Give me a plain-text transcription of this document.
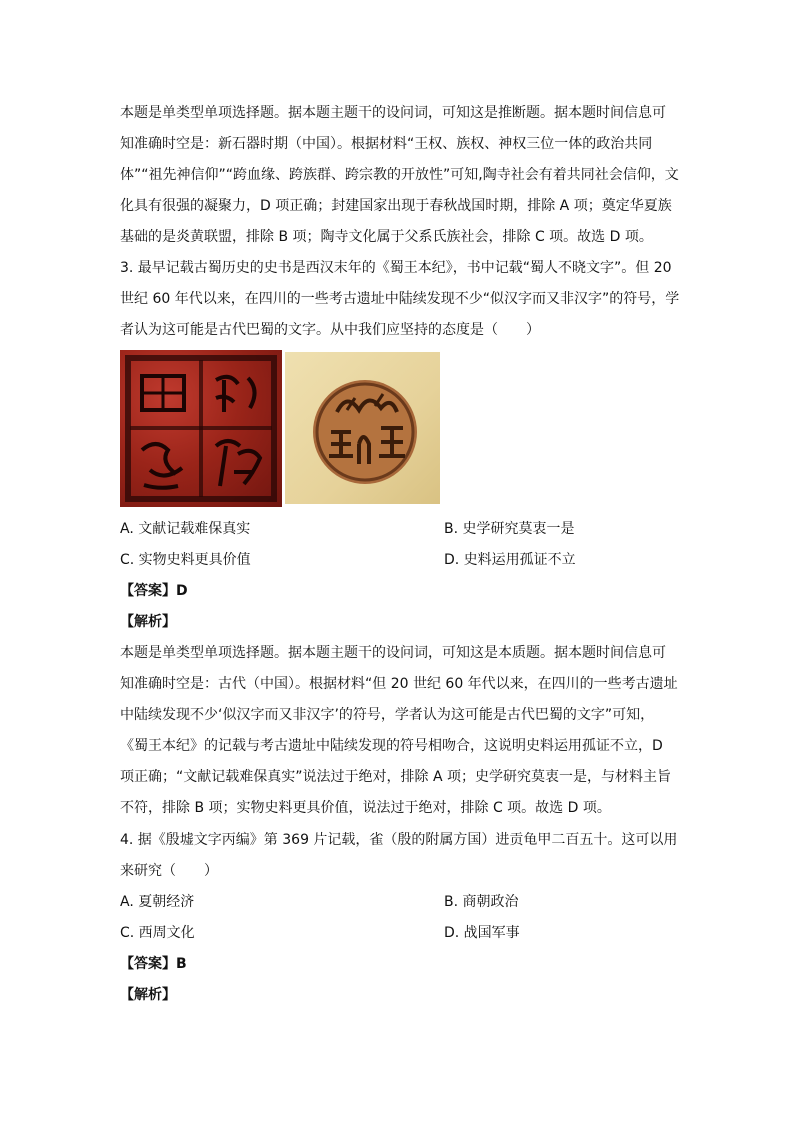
本题是单类型单项选择题。据本题主题干的设问词，可知这是推断题。据本题时间信息可
知准确时空是：新石器时期（中国）。根据材料“王权、族权、神权三位一体的政治共同
体”“祖先神信仰”“跨血缘、跨族群、跨宗教的开放性”可知,陶寺社会有着共同社会信仰，文
化具有很强的凝聚力，D 项正确；封建国家出现于春秋战国时期，排除 A 项；奠定华夏族
基础的是炎黄联盟，排除 B 项；陶寺文化属于父系氏族社会，排除 C 项。故选 D 项。

3. 最早记载古蜀历史的史书是西汉末年的《蜀王本纪》，书中记载“蜀人不晓文字”。但 20
世纪 60 年代以来，在四川的一些考古遗址中陆续发现不少“似汉字而又非汉字”的符号，学
者认为这可能是古代巴蜀的文字。从中我们应坚持的态度是（　　）

A. 文献记载难保真实	B. 史学研究莫衷一是
C. 实物史料更具价值	D. 史料运用孤证不立
【答案】D
【解析】

本题是单类型单项选择题。据本题主题干的设问词，可知这是本质题。据本题时间信息可
知准确时空是：古代（中国）。根据材料“但 20 世纪 60 年代以来，在四川的一些考古遗址
中陆续发现不少‘似汉字而又非汉字’的符号，学者认为这可能是古代巴蜀的文字”可知，
《蜀王本纪》的记载与考古遗址中陆续发现的符号相吻合，这说明史料运用孤证不立，D
项正确；“文献记载难保真实”说法过于绝对，排除 A 项；史学研究莫衷一是，与材料主旨
不符，排除 B 项；实物史料更具价值，说法过于绝对，排除 C 项。故选 D 项。

4. 据《殷墟文字丙编》第 369 片记载，雀（殷的附属方国）进贡龟甲二百五十。这可以用
来研究（　　）

A. 夏朝经济	B. 商朝政治
C. 西周文化	D. 战国军事
【答案】B
【解析】
